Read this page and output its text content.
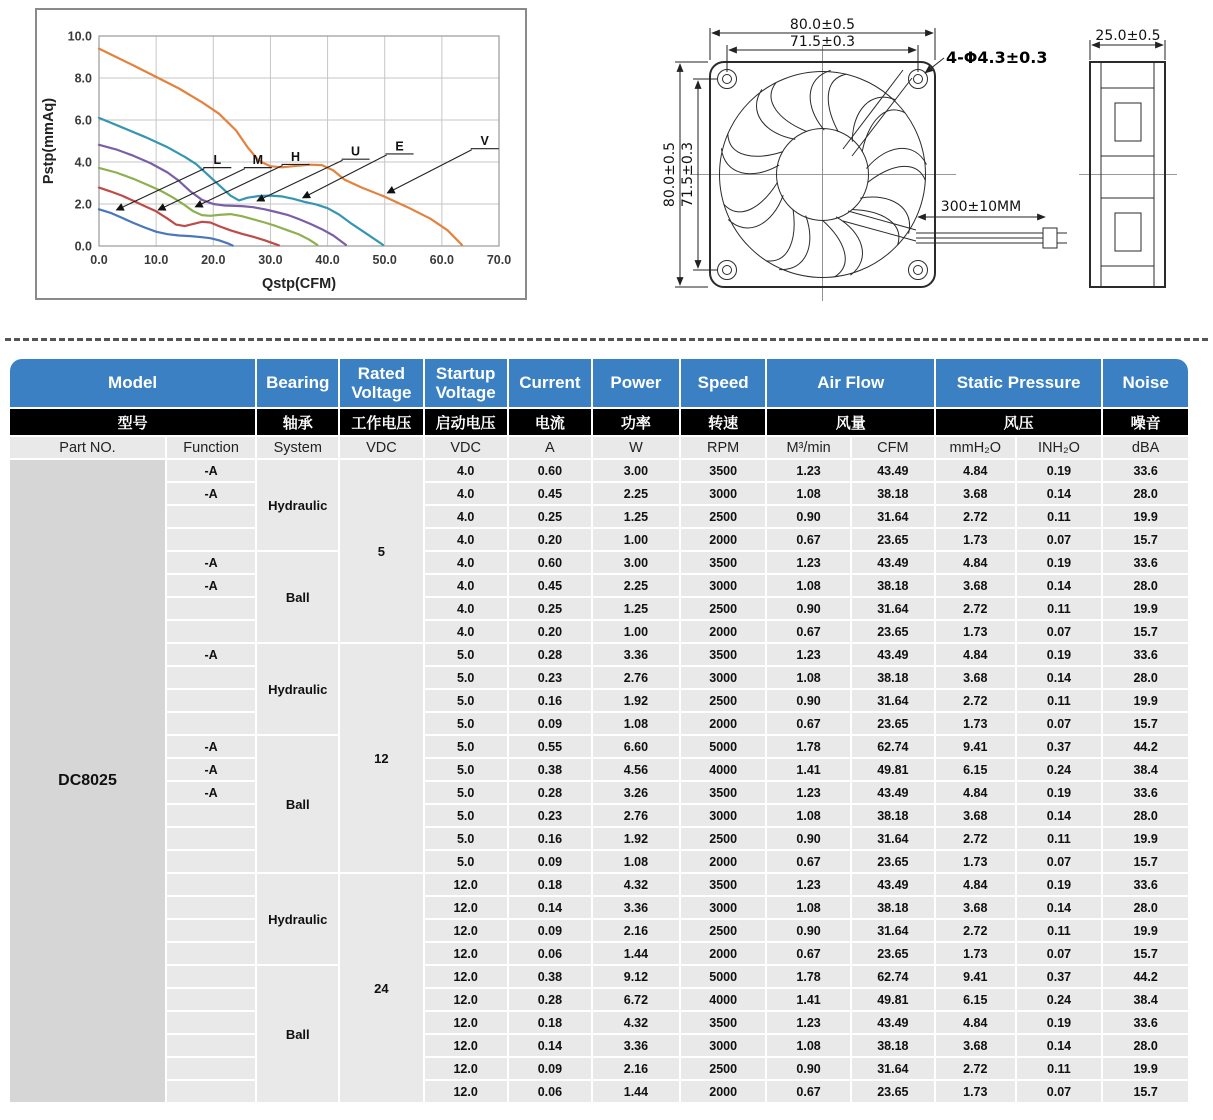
0.0	10.0	20.0	30.0	40.0	50.0	60.0	70.0
0.0
2.0
4.0
6.0
8.0
10.0
L	M H	U	E	V
Qstp(CFM)
Pstp(mmAq)
80.0±0.5
71.5±0.3
80.0±0.5 71.5±0.3
4-Φ4.3±0.3
300±10MM
25.0±0.5
Model		Bearing	Rated Voltage	Startup Voltage	Current	Power	Speed	Air Flow		Static Pressure		Noise
型号		轴承	工作电压	启动电压	电流	功率	转速	风量		风压		噪音
Part NO.	Function	System	VDC	VDC	A	W	RPM	M³/min	CFM	mmH₂O	INH₂O	dBA
DC8025	-A	Hydraulic	5	4.0	0.60	3.00	3500	1.23	43.49	4.84	0.19	33.6
	-A			4.0	0.45	2.25	3000	1.08	38.18	3.68	0.14	28.0
				4.0	0.25	1.25	2500	0.90	31.64	2.72	0.11	19.9
				4.0	0.20	1.00	2000	0.67	23.65	1.73	0.07	15.7
	-A	Ball		4.0	0.60	3.00	3500	1.23	43.49	4.84	0.19	33.6
	-A			4.0	0.45	2.25	3000	1.08	38.18	3.68	0.14	28.0
				4.0	0.25	1.25	2500	0.90	31.64	2.72	0.11	19.9
				4.0	0.20	1.00	2000	0.67	23.65	1.73	0.07	15.7
	-A	Hydraulic	12	5.0	0.28	3.36	3500	1.23	43.49	4.84	0.19	33.6
				5.0	0.23	2.76	3000	1.08	38.18	3.68	0.14	28.0
				5.0	0.16	1.92	2500	0.90	31.64	2.72	0.11	19.9
				5.0	0.09	1.08	2000	0.67	23.65	1.73	0.07	15.7
	-A	Ball		5.0	0.55	6.60	5000	1.78	62.74	9.41	0.37	44.2
	-A			5.0	0.38	4.56	4000	1.41	49.81	6.15	0.24	38.4
	-A			5.0	0.28	3.26	3500	1.23	43.49	4.84	0.19	33.6
				5.0	0.23	2.76	3000	1.08	38.18	3.68	0.14	28.0
				5.0	0.16	1.92	2500	0.90	31.64	2.72	0.11	19.9
				5.0	0.09	1.08	2000	0.67	23.65	1.73	0.07	15.7
		Hydraulic	24	12.0	0.18	4.32	3500	1.23	43.49	4.84	0.19	33.6
				12.0	0.14	3.36	3000	1.08	38.18	3.68	0.14	28.0
				12.0	0.09	2.16	2500	0.90	31.64	2.72	0.11	19.9
				12.0	0.06	1.44	2000	0.67	23.65	1.73	0.07	15.7
		Ball		12.0	0.38	9.12	5000	1.78	62.74	9.41	0.37	44.2
				12.0	0.28	6.72	4000	1.41	49.81	6.15	0.24	38.4
				12.0	0.18	4.32	3500	1.23	43.49	4.84	0.19	33.6
				12.0	0.14	3.36	3000	1.08	38.18	3.68	0.14	28.0
				12.0	0.09	2.16	2500	0.90	31.64	2.72	0.11	19.9
				12.0	0.06	1.44	2000	0.67	23.65	1.73	0.07	15.7
